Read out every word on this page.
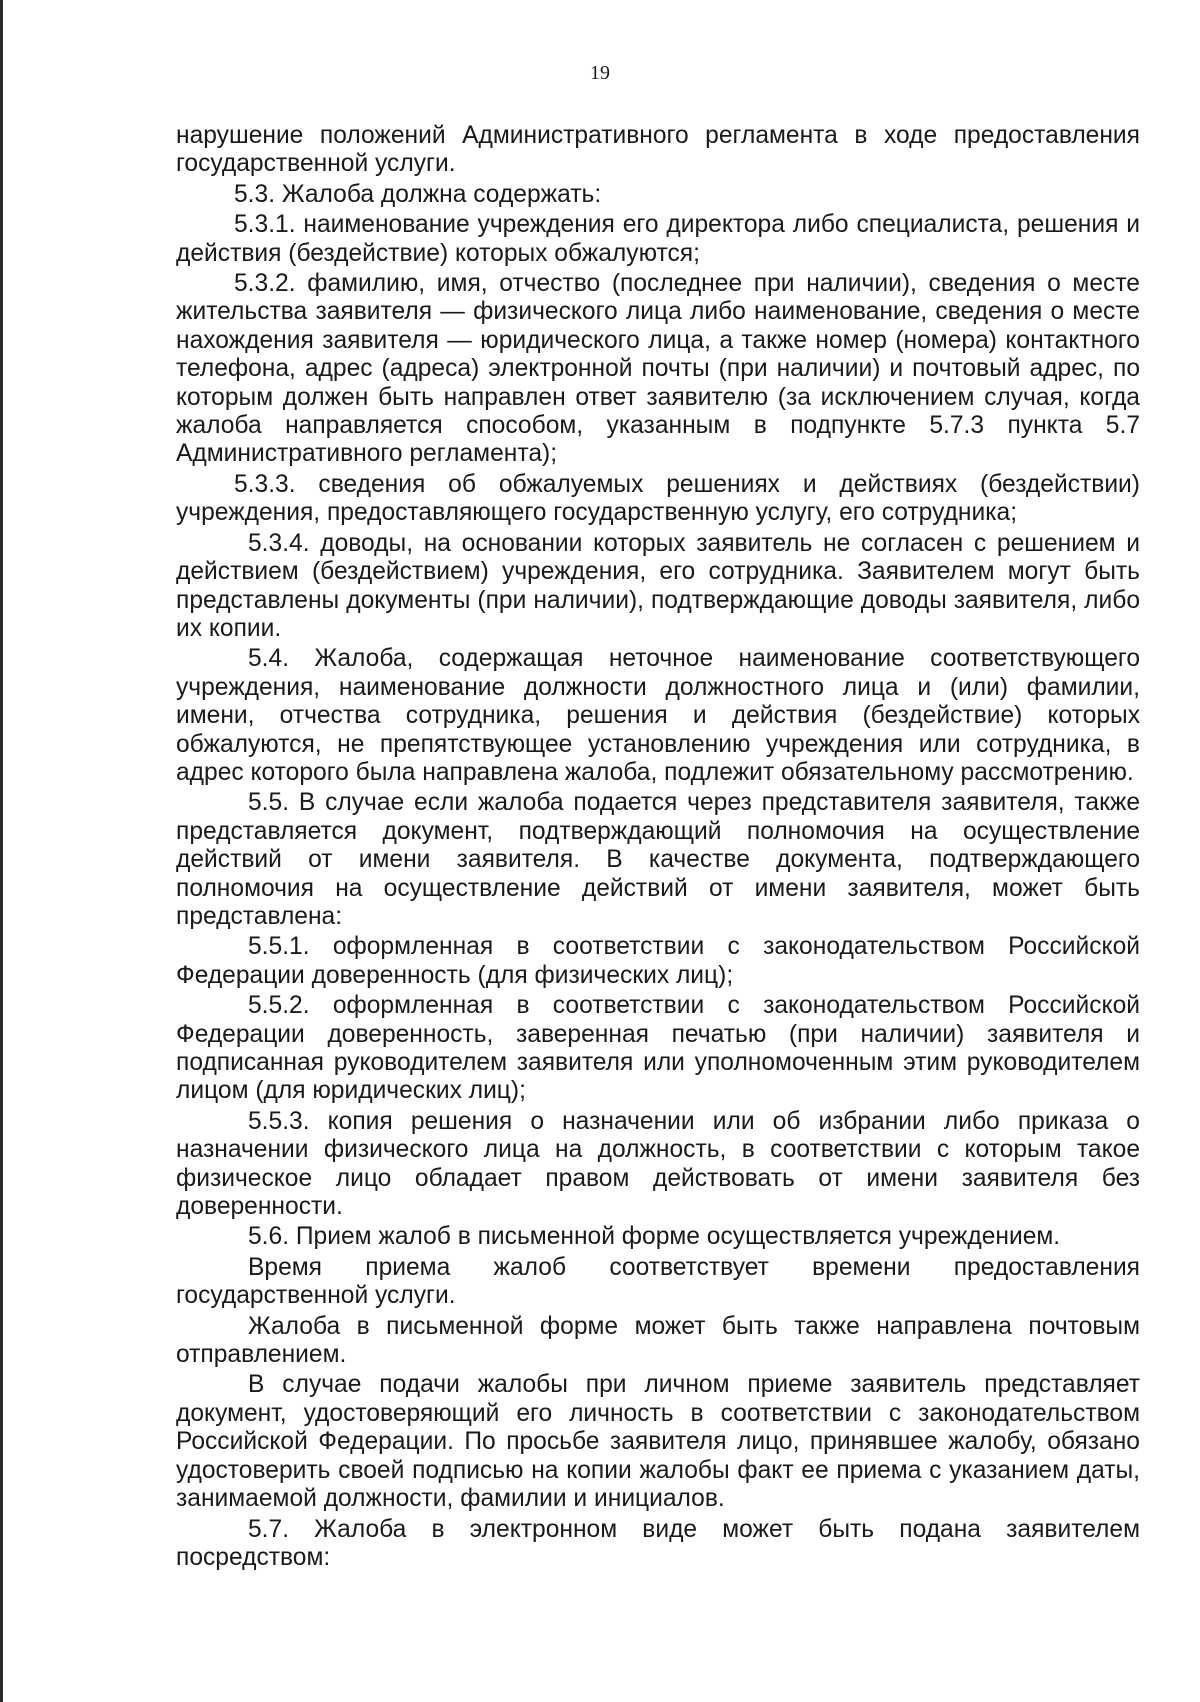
19

нарушение положений Административного регламента в ходе предоставления государственной услуги.

5.3. Жалоба должна содержать:

5.3.1. наименование учреждения его директора либо специалиста, решения и действия (бездействие) которых обжалуются;

5.3.2. фамилию, имя, отчество (последнее при наличии), сведения о месте жительства заявителя — физического лица либо наименование, сведения о месте нахождения заявителя — юридического лица, а также номер (номера) контактного телефона, адрес (адреса) электронной почты (при наличии) и почтовый адрес, по которым должен быть направлен ответ заявителю (за исключением случая, когда жалоба направляется способом, указанным в подпункте 5.7.3 пункта 5.7 Административного регламента);

5.3.3. сведения об обжалуемых решениях и действиях (бездействии) учреждения, предоставляющего государственную услугу, его сотрудника;

5.3.4. доводы, на основании которых заявитель не согласен с решением и действием (бездействием) учреждения, его сотрудника. Заявителем могут быть представлены документы (при наличии), подтверждающие доводы заявителя, либо их копии.

5.4. Жалоба, содержащая неточное наименование соответствующего учреждения, наименование должности должностного лица и (или) фамилии, имени, отчества сотрудника, решения и действия (бездействие) которых обжалуются, не препятствующее установлению учреждения или сотрудника, в адрес которого была направлена жалоба, подлежит обязательному рассмотрению.

5.5. В случае если жалоба подается через представителя заявителя, также представляется документ, подтверждающий полномочия на осуществление действий от имени заявителя. В качестве документа, подтверждающего полномочия на осуществление действий от имени заявителя, может быть представлена:

5.5.1. оформленная в соответствии с законодательством Российской Федерации доверенность (для физических лиц);

5.5.2. оформленная в соответствии с законодательством Российской Федерации доверенность, заверенная печатью (при наличии) заявителя и подписанная руководителем заявителя или уполномоченным этим руководителем лицом (для юридических лиц);

5.5.3. копия решения о назначении или об избрании либо приказа о назначении физического лица на должность, в соответствии с которым такое физическое лицо обладает правом действовать от имени заявителя без доверенности.

5.6. Прием жалоб в письменной форме осуществляется учреждением.

Время приема жалоб соответствует времени предоставления государственной услуги.

Жалоба в письменной форме может быть также направлена почтовым отправлением.

В случае подачи жалобы при личном приеме заявитель представляет документ, удостоверяющий его личность в соответствии с законодательством Российской Федерации. По просьбе заявителя лицо, принявшее жалобу, обязано удостоверить своей подписью на копии жалобы факт ее приема с указанием даты, занимаемой должности, фамилии и инициалов.

5.7. Жалоба в электронном виде может быть подана заявителем посредством:
